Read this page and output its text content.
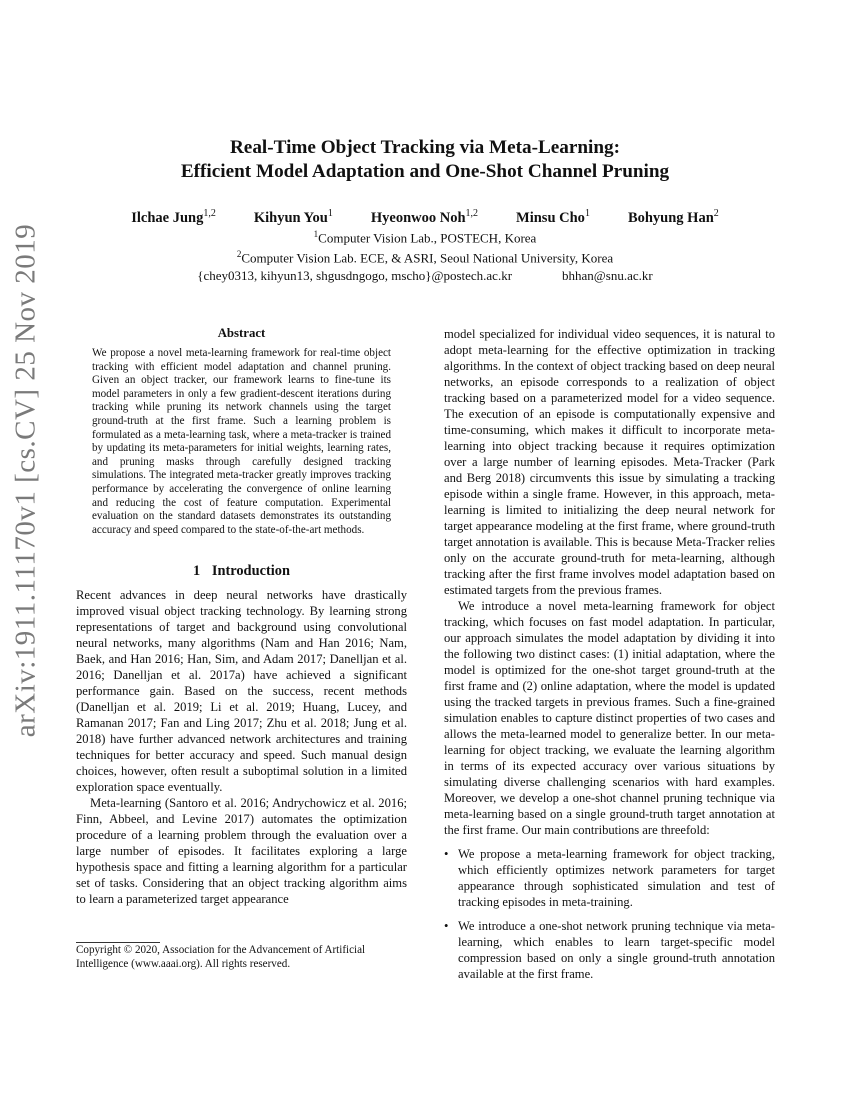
arXiv:1911.11170v1 [cs.CV] 25 Nov 2019
Real-Time Object Tracking via Meta-Learning:
Efficient Model Adaptation and One-Shot Channel Pruning
Ilchae Jung$^{1,2}$	Kihyun You$^1$	Hyeonwoo Noh$^{1,2}$	Minsu Cho$^1$	Bohyung Han$^2$
$^1$Computer Vision Lab., POSTECH, Korea
$^2$Computer Vision Lab. ECE, & ASRI, Seoul National University, Korea
{chey0313, kihyun13, shgusdngogo, mscho}@postech.ac.kr	bhhan@snu.ac.kr
Abstract

We propose a novel meta-learning framework for real-time object tracking with efficient model adaptation and channel pruning. Given an object tracker, our framework learns to fine-tune its model parameters in only a few gradient-descent iterations during tracking while pruning its network channels using the target ground-truth at the first frame. Such a learning problem is formulated as a meta-learning task, where a meta-tracker is trained by updating its meta-parameters for initial weights, learning rates, and pruning masks through carefully designed tracking simulations. The integrated meta-tracker greatly improves tracking performance by accelerating the convergence of online learning and reducing the cost of feature computation. Experimental evaluation on the standard datasets demonstrates its outstanding accuracy and speed compared to the state-of-the-art methods.

1 Introduction

Recent advances in deep neural networks have drastically improved visual object tracking technology. By learning strong representations of target and background using convolutional neural networks, many algorithms (Nam and Han 2016; Nam, Baek, and Han 2016; Han, Sim, and Adam 2017; Danelljan et al. 2016; Danelljan et al. 2017a) have achieved a significant performance gain. Based on the success, recent methods (Danelljan et al. 2019; Li et al. 2019; Huang, Lucey, and Ramanan 2017; Fan and Ling 2017; Zhu et al. 2018; Jung et al. 2018) have further advanced network architectures and training techniques for better accuracy and speed. Such manual design choices, however, often result a suboptimal solution in a limited exploration space eventually.

Meta-learning (Santoro et al. 2016; Andrychowicz et al. 2016; Finn, Abbeel, and Levine 2017) automates the optimization procedure of a learning problem through the evaluation over a large number of episodes. It facilitates exploring a large hypothesis space and fitting a learning algorithm for a particular set of tasks. Considering that an object tracking algorithm aims to learn a parameterized target appearance

Copyright © 2020, Association for the Advancement of Artificial Intelligence (www.aaai.org). All rights reserved.

model specialized for individual video sequences, it is natural to adopt meta-learning for the effective optimization in tracking algorithms. In the context of object tracking based on deep neural networks, an episode corresponds to a realization of object tracking based on a parameterized model for a video sequence. The execution of an episode is computationally expensive and time-consuming, which makes it difficult to incorporate meta-learning into object tracking because it requires optimization over a large number of learning episodes. Meta-Tracker (Park and Berg 2018) circumvents this issue by simulating a tracking episode within a single frame. However, in this approach, meta-learning is limited to initializing the deep neural network for target appearance modeling at the first frame, where ground-truth target annotation is available. This is because Meta-Tracker relies only on the accurate ground-truth for meta-learning, although tracking after the first frame involves model adaptation based on estimated targets from the previous frames.

We introduce a novel meta-learning framework for object tracking, which focuses on fast model adaptation. In particular, our approach simulates the model adaptation by dividing it into the following two distinct cases: (1) initial adaptation, where the model is optimized for the one-shot target ground-truth at the first frame and (2) online adaptation, where the model is updated using the tracked targets in previous frames. Such a fine-grained simulation enables to capture distinct properties of two cases and allows the meta-learned model to generalize better. In our meta-learning for object tracking, we evaluate the learning algorithm in terms of its expected accuracy over various situations by simulating diverse challenging scenarios with hard examples. Moreover, we develop a one-shot channel pruning technique via meta-learning based on a single ground-truth target annotation at the first frame. Our main contributions are threefold:

• We propose a meta-learning framework for object tracking, which efficiently optimizes network parameters for target appearance through sophisticated simulation and test of tracking episodes in meta-training.
• We introduce a one-shot network pruning technique via meta-learning, which enables to learn target-specific model compression based on only a single ground-truth annotation available at the first frame.
